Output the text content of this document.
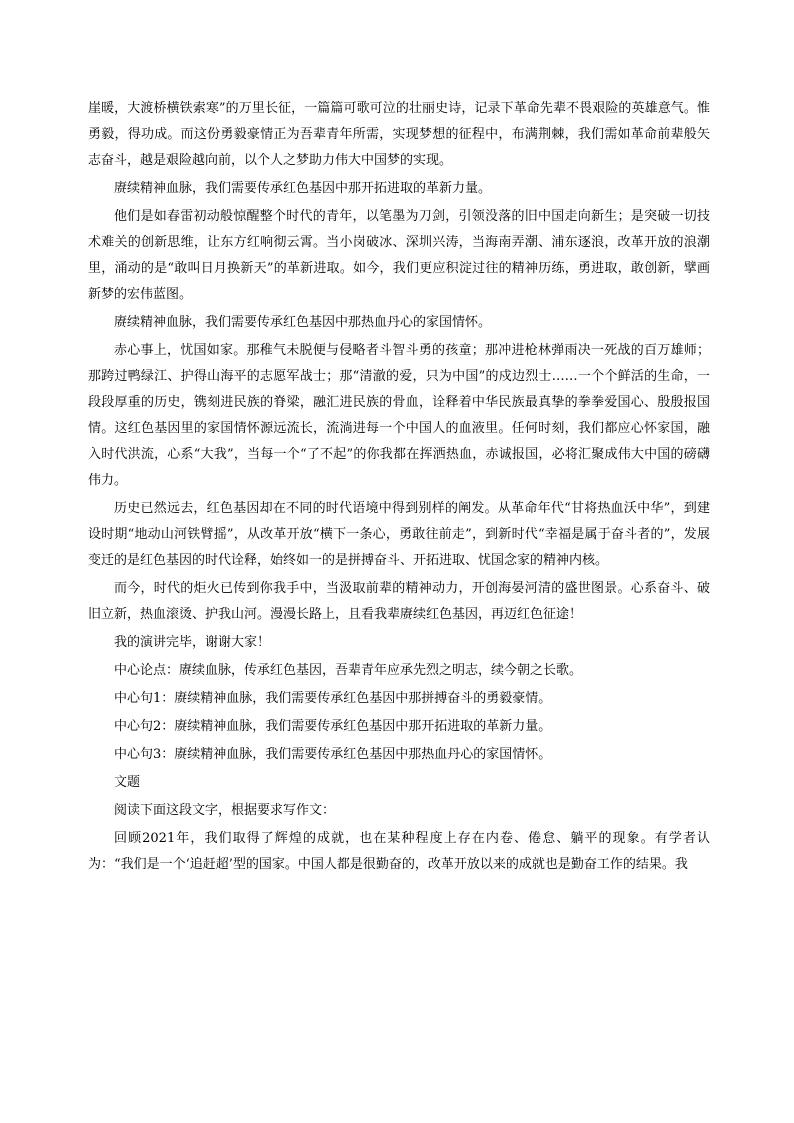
崖暖，大渡桥横铁索寒”的万里长征，一篇篇可歌可泣的壮丽史诗，记录下革命先辈不畏艰险的英雄意气。惟勇毅，得功成。而这份勇毅豪情正为吾辈青年所需，实现梦想的征程中，布满荆棘，我们需如革命前辈般矢志奋斗，越是艰险越向前，以个人之梦助力伟大中国梦的实现。

赓续精神血脉，我们需要传承红色基因中那开拓进取的革新力量。

他们是如春雷初动般惊醒整个时代的青年，以笔墨为刀剑，引领没落的旧中国走向新生；是突破一切技术难关的创新思维，让东方红响彻云霄。当小岗破冰、深圳兴涛，当海南弄潮、浦东逐浪，改革开放的浪潮里，涌动的是“敢叫日月换新天”的革新进取。如今，我们更应积淀过往的精神历练，勇进取，敢创新，擘画新梦的宏伟蓝图。

赓续精神血脉，我们需要传承红色基因中那热血丹心的家国情怀。

赤心事上，忧国如家。那稚气未脱便与侵略者斗智斗勇的孩童；那冲进枪林弹雨决一死战的百万雄师；那跨过鸭绿江、护得山海平的志愿军战士；那“清澈的爱，只为中国”的戍边烈士……一个个鲜活的生命，一段段厚重的历史，镌刻进民族的脊梁，融汇进民族的骨血，诠释着中华民族最真挚的拳拳爱国心、殷殷报国情。这红色基因里的家国情怀源远流长，流淌进每一个中国人的血液里。任何时刻，我们都应心怀家国，融入时代洪流，心系“大我”，当每一个“了不起”的你我都在挥洒热血，赤诚报国，必将汇聚成伟大中国的磅礴伟力。

历史已然远去，红色基因却在不同的时代语境中得到别样的阐发。从革命年代“甘将热血沃中华”，到建设时期“地动山河铁臂摇”，从改革开放“横下一条心，勇敢往前走”，到新时代“幸福是属于奋斗者的”，发展变迁的是红色基因的时代诠释，始终如一的是拼搏奋斗、开拓进取、忧国念家的精神内核。

而今，时代的炬火已传到你我手中，当汲取前辈的精神动力，开创海晏河清的盛世图景。心系奋斗、破旧立新，热血滚烫、护我山河。漫漫长路上，且看我辈赓续红色基因，再迈红色征途！

我的演讲完毕，谢谢大家！

中心论点：赓续血脉，传承红色基因，吾辈青年应承先烈之明志，续今朝之长歌。

中心句1：赓续精神血脉，我们需要传承红色基因中那拼搏奋斗的勇毅豪情。

中心句2：赓续精神血脉，我们需要传承红色基因中那开拓进取的革新力量。

中心句3：赓续精神血脉，我们需要传承红色基因中那热血丹心的家国情怀。

文题

阅读下面这段文字，根据要求写作文：

回顾2021年，我们取得了辉煌的成就，也在某种程度上存在内卷、倦怠、躺平的现象。有学者认为：“我们是一个‘追赶超’型的国家。中国人都是很勤奋的，改革开放以来的成就也是勤奋工作的结果。我
